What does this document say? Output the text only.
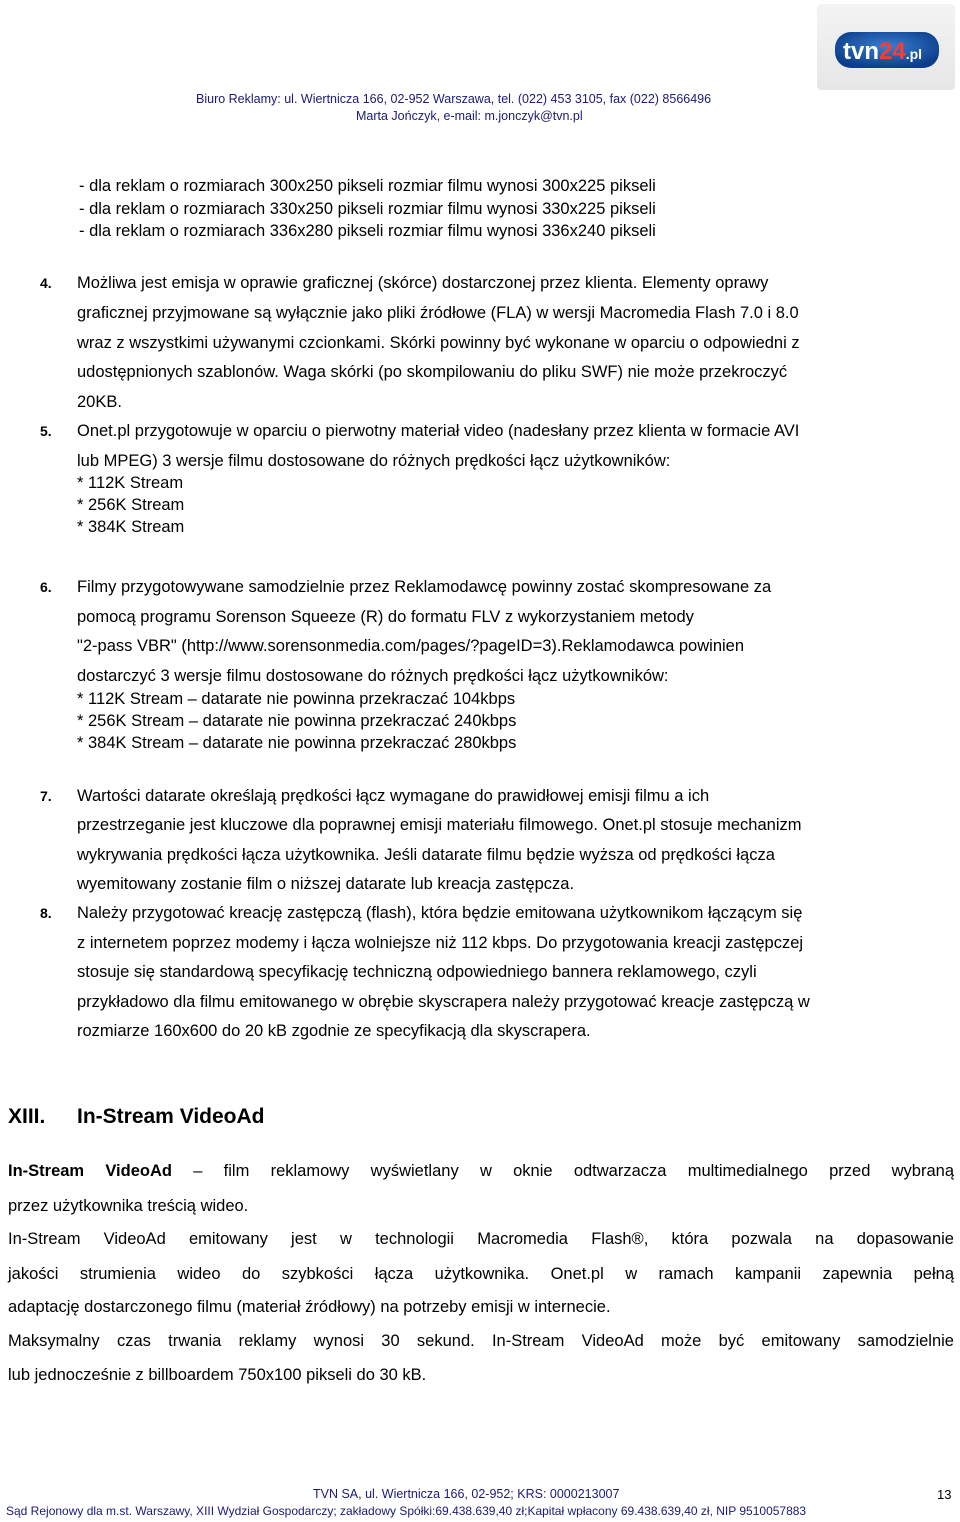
tvn24.pl
Biuro Reklamy: ul. Wiertnicza 166, 02-952 Warszawa, tel. (022) 453 3105, fax (022) 8566496
Marta Jończyk, e-mail: m.jonczyk@tvn.pl
- dla reklam o rozmiarach 300x250 pikseli rozmiar filmu wynosi 300x225 pikseli
- dla reklam o rozmiarach 330x250 pikseli rozmiar filmu wynosi 330x225 pikseli
- dla reklam o rozmiarach 336x280 pikseli rozmiar filmu wynosi 336x240 pikseli
4. Możliwa jest emisja w oprawie graficznej (skórce) dostarczonej przez klienta. Elementy oprawy
graficznej przyjmowane są wyłącznie jako pliki źródłowe (FLA) w wersji Macromedia Flash 7.0 i 8.0
wraz z wszystkimi używanymi czcionkami. Skórki powinny być wykonane w oparciu o odpowiedni z
udostępnionych szablonów. Waga skórki (po skompilowaniu do pliku SWF) nie może przekroczyć
20KB.
5. Onet.pl przygotowuje w oparciu o pierwotny materiał video (nadesłany przez klienta w formacie AVI
lub MPEG) 3 wersje filmu dostosowane do różnych prędkości łącz użytkowników:
* 112K Stream
* 256K Stream
* 384K Stream
6. Filmy przygotowywane samodzielnie przez Reklamodawcę powinny zostać skompresowane za
pomocą programu Sorenson Squeeze (R) do formatu FLV z wykorzystaniem metody
"2-pass VBR" (http://www.sorensonmedia.com/pages/?pageID=3).Reklamodawca powinien
dostarczyć 3 wersje filmu dostosowane do różnych prędkości łącz użytkowników:
* 112K Stream – datarate nie powinna przekraczać 104kbps
* 256K Stream – datarate nie powinna przekraczać 240kbps
* 384K Stream – datarate nie powinna przekraczać 280kbps
7. Wartości datarate określają prędkości łącz wymagane do prawidłowej emisji filmu a ich
przestrzeganie jest kluczowe dla poprawnej emisji materiału filmowego. Onet.pl stosuje mechanizm
wykrywania prędkości łącza użytkownika. Jeśli datarate filmu będzie wyższa od prędkości łącza
wyemitowany zostanie film o niższej datarate lub kreacja zastępcza.
8. Należy przygotować kreację zastępczą (flash), która będzie emitowana użytkownikom łączącym się
z internetem poprzez modemy i łącza wolniejsze niż 112 kbps. Do przygotowania kreacji zastępczej
stosuje się standardową specyfikację techniczną odpowiedniego bannera reklamowego, czyli
przykładowo dla filmu emitowanego w obrębie skyscrapera należy przygotować kreacje zastępczą w
rozmiarze 160x600 do 20 kB zgodnie ze specyfikacją dla skyscrapera.
XIII. In-Stream VideoAd
In-Stream VideoAd – film reklamowy wyświetlany w oknie odtwarzacza multimedialnego przed wybraną
przez użytkownika treścią wideo.
In-Stream VideoAd emitowany jest w technologii Macromedia Flash®, która pozwala na dopasowanie
jakości strumienia wideo do szybkości łącza użytkownika. Onet.pl w ramach kampanii zapewnia pełną
adaptację dostarczonego filmu (materiał źródłowy) na potrzeby emisji w internecie.
Maksymalny czas trwania reklamy wynosi 30 sekund. In-Stream VideoAd może być emitowany samodzielnie
lub jednocześnie z billboardem 750x100 pikseli do 30 kB.
TVN SA, ul. Wiertnicza 166, 02-952; KRS: 0000213007	13
Sąd Rejonowy dla m.st. Warszawy, XIII Wydział Gospodarczy; zakładowy Spółki:69.438.639,40 zł;Kapitał wpłacony 69.438.639,40 zł, NIP 9510057883
